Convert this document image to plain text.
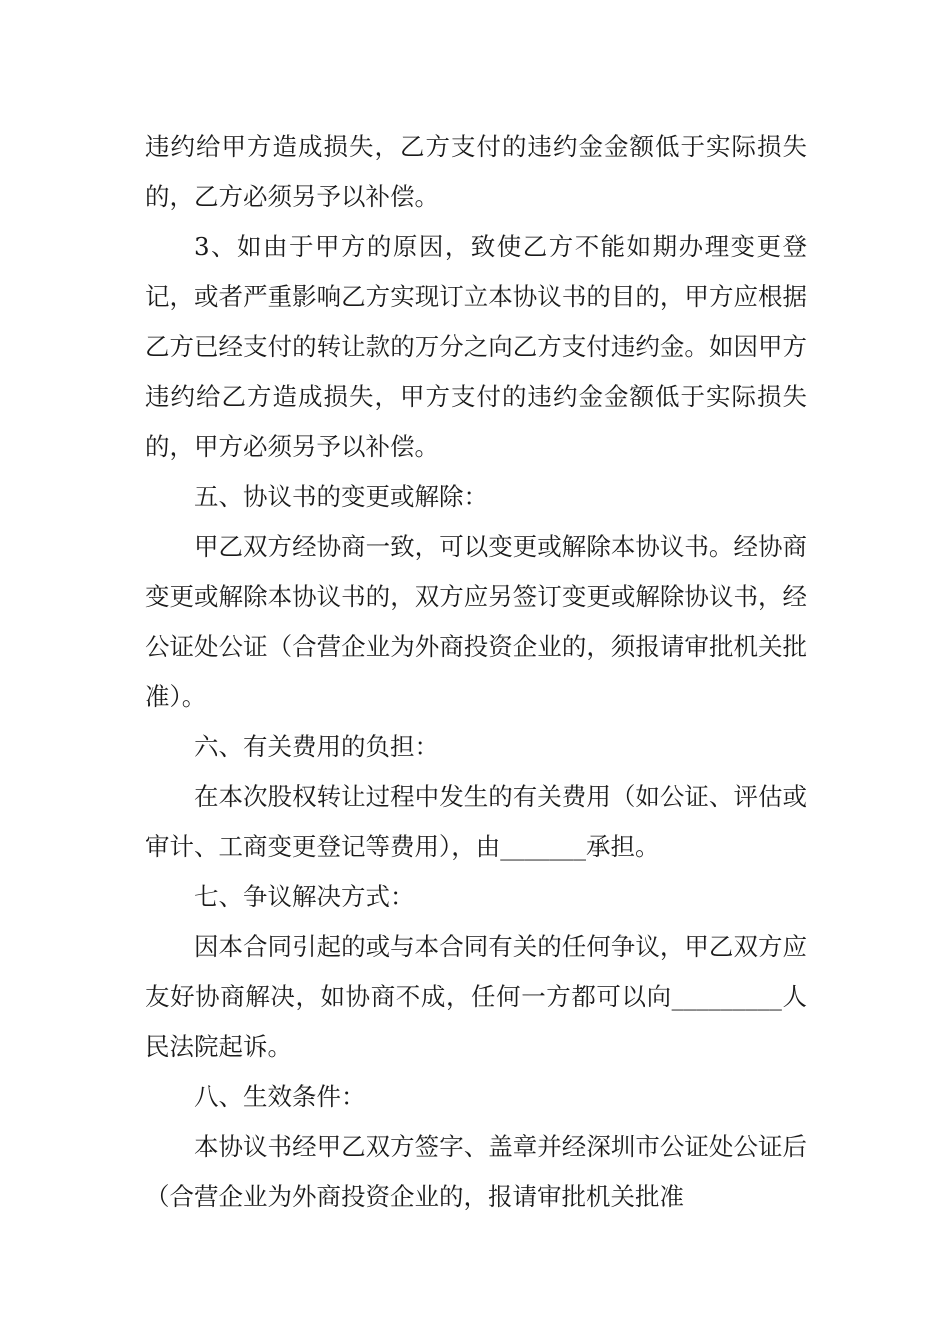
违约给甲方造成损失，乙方支付的违约金金额低于实际损失的，乙方必须另予以补偿。

3、如由于甲方的原因，致使乙方不能如期办理变更登记，或者严重影响乙方实现订立本协议书的目的，甲方应根据乙方已经支付的转让款的万分之向乙方支付违约金。如因甲方违约给乙方造成损失，甲方支付的违约金金额低于实际损失的，甲方必须另予以补偿。

五、协议书的变更或解除：

甲乙双方经协商一致，可以变更或解除本协议书。经协商变更或解除本协议书的，双方应另签订变更或解除协议书，经公证处公证（合营企业为外商投资企业的，须报请审批机关批准）。

六、有关费用的负担：

在本次股权转让过程中发生的有关费用（如公证、评估或审计、工商变更登记等费用），由_______承担。

七、争议解决方式：

因本合同引起的或与本合同有关的任何争议，甲乙双方应友好协商解决，如协商不成，任何一方都可以向_________人民法院起诉。

八、生效条件：

本协议书经甲乙双方签字、盖章并经深圳市公证处公证后（合营企业为外商投资企业的，报请审批机关批准
